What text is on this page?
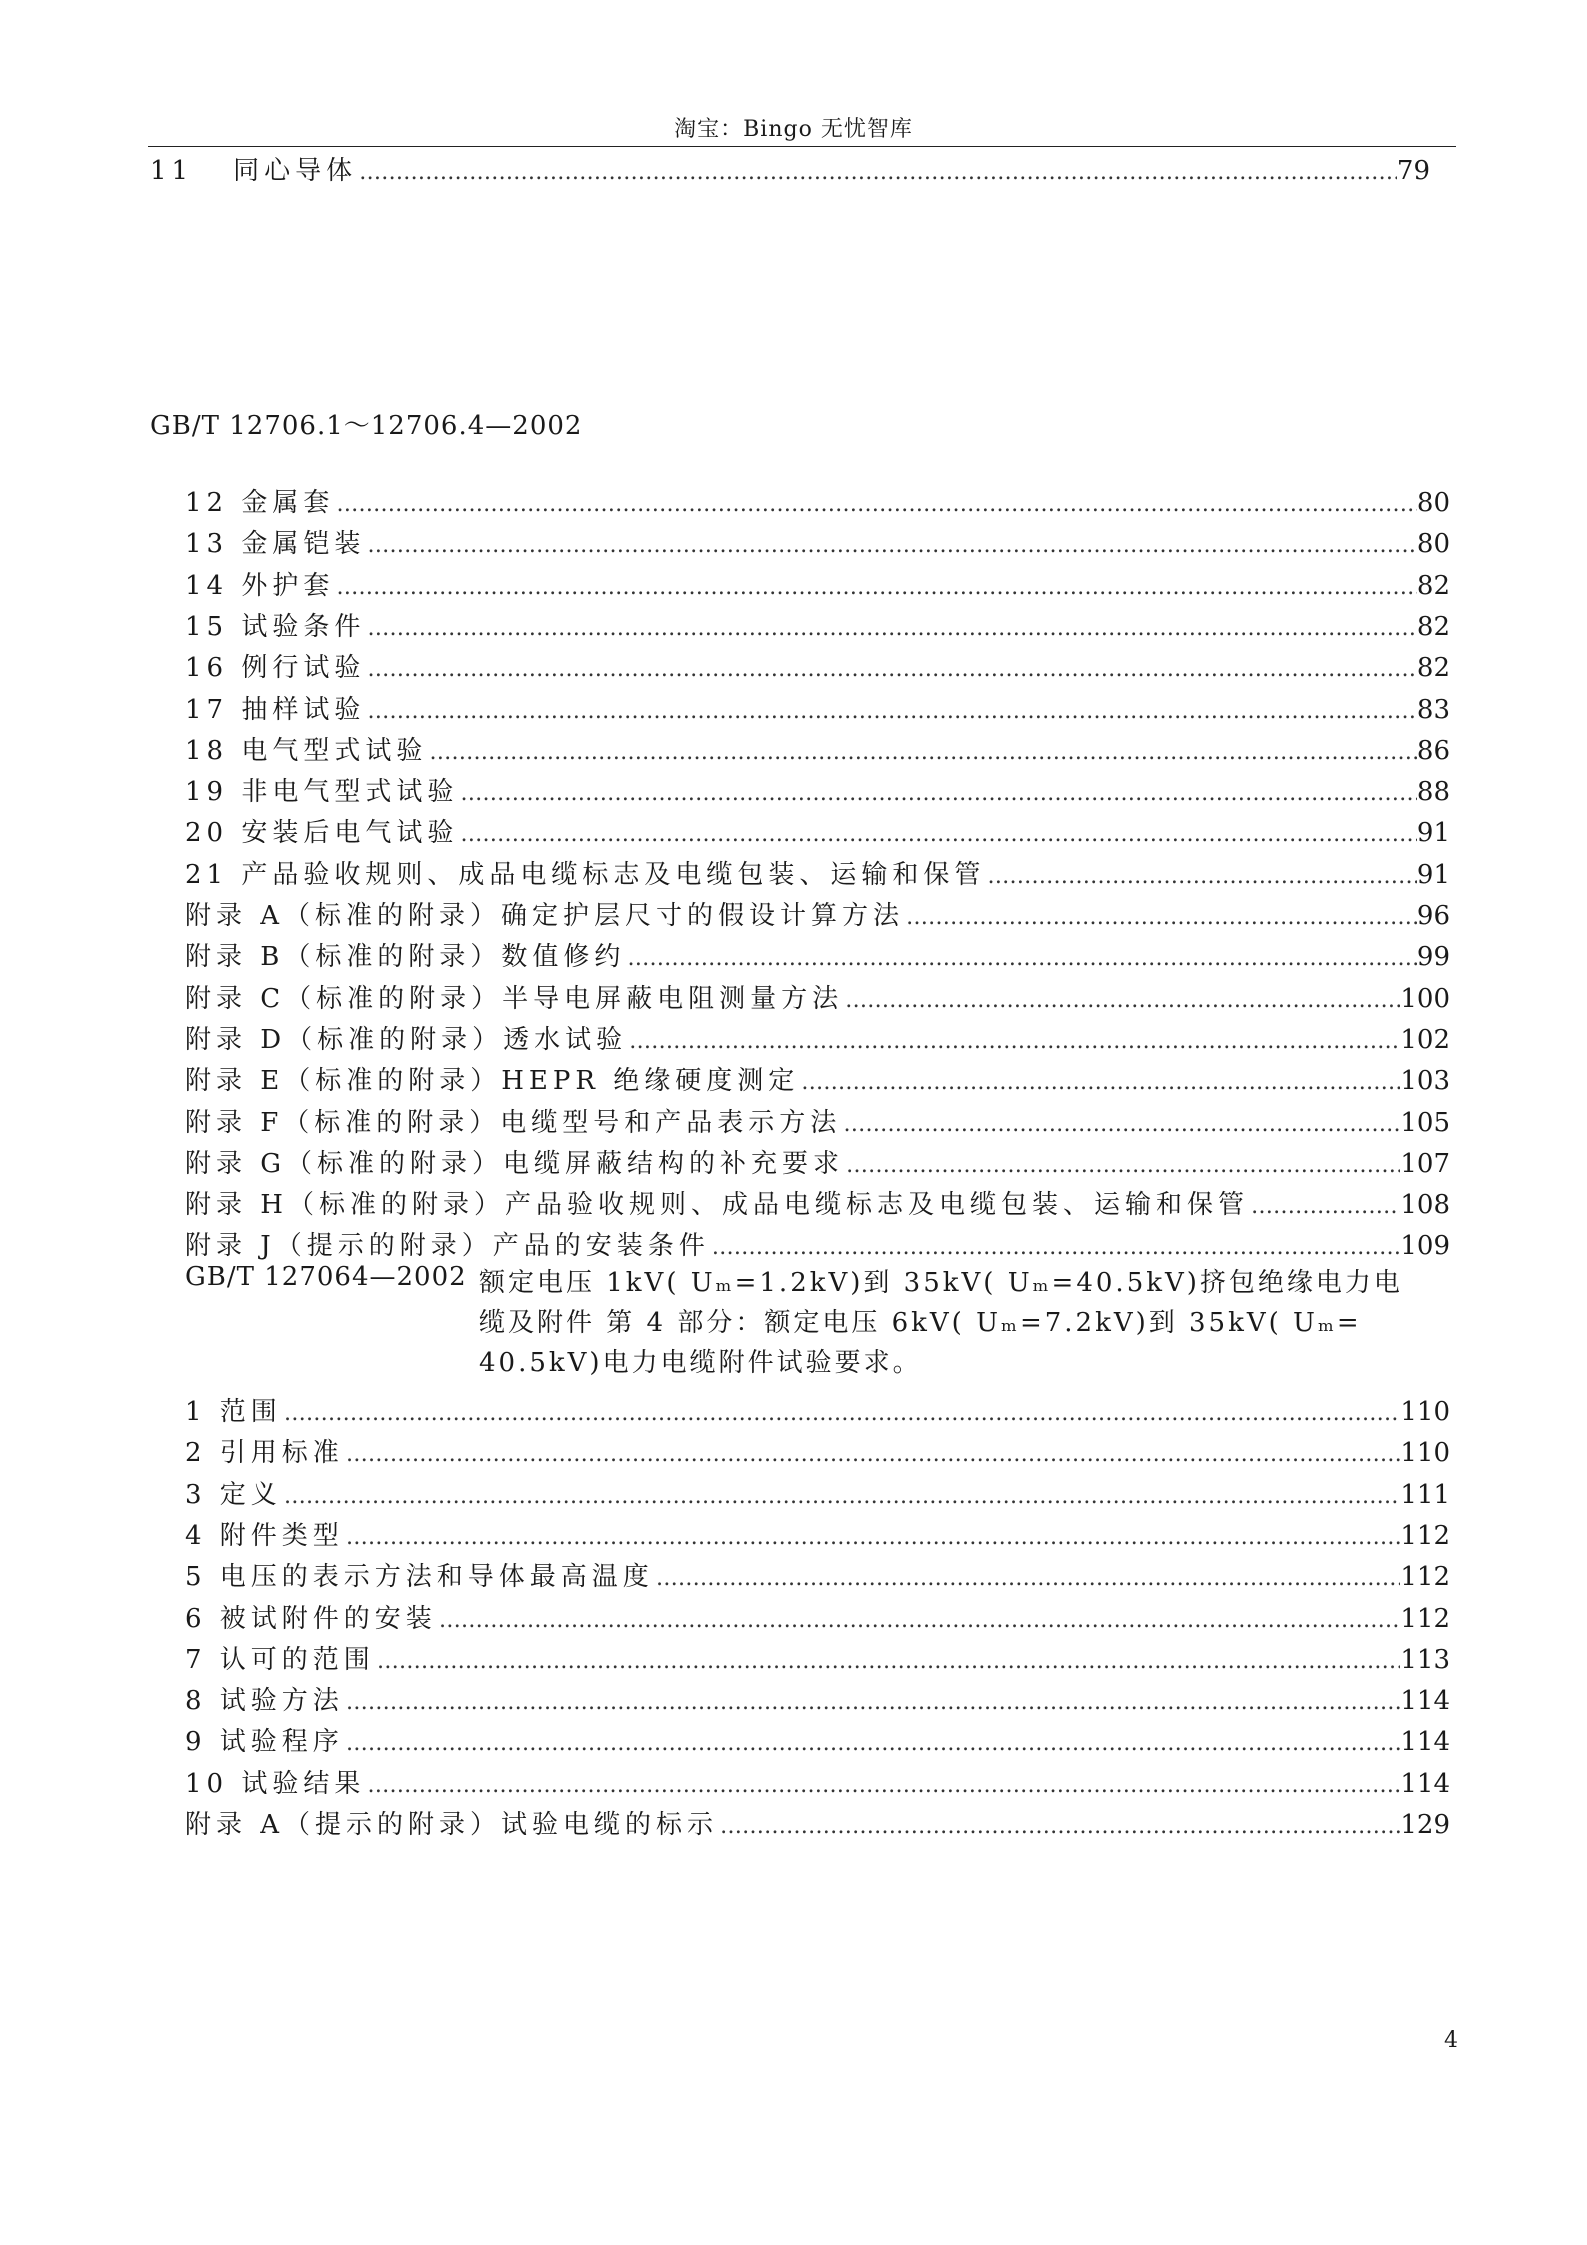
淘宝：Bingo 无忧智库
11	同心导体 …………………………………………………………………………………………………………………………………………………………………………………………………………………………………………………	79
GB/T 12706.1～12706.4—2002
12 金属套 …………………………………………………………………………………………………………………………………………………………………………………………………………………………………………………	80
13 金属铠装 …………………………………………………………………………………………………………………………………………………………………………………………………………………………………………………	80
14 外护套 …………………………………………………………………………………………………………………………………………………………………………………………………………………………………………………	82
15 试验条件 …………………………………………………………………………………………………………………………………………………………………………………………………………………………………………………	82
16 例行试验 …………………………………………………………………………………………………………………………………………………………………………………………………………………………………………………	82
17 抽样试验 …………………………………………………………………………………………………………………………………………………………………………………………………………………………………………………	83
18 电气型式试验 …………………………………………………………………………………………………………………………………………………………………………………………………………………………………………………	86
19 非电气型式试验 …………………………………………………………………………………………………………………………………………………………………………………………………………………………………………………	88
20 安装后电气试验 …………………………………………………………………………………………………………………………………………………………………………………………………………………………………………………	91
21 产品验收规则、成品电缆标志及电缆包装、运输和保管 …………………………………………………………………………………………………………………………………………………………………………………………………………………………………………………	91
附录 A（标准的附录）确定护层尺寸的假设计算方法 …………………………………………………………………………………………………………………………………………………………………………………………………………………………………………………	96
附录 B（标准的附录）数值修约 …………………………………………………………………………………………………………………………………………………………………………………………………………………………………………………	99
附录 C（标准的附录）半导电屏蔽电阻测量方法 …………………………………………………………………………………………………………………………………………………………………………………………………………………………………………………	100
附录 D（标准的附录）透水试验 …………………………………………………………………………………………………………………………………………………………………………………………………………………………………………………	102
附录 E（标准的附录）HEPR 绝缘硬度测定 …………………………………………………………………………………………………………………………………………………………………………………………………………………………………………………	103
附录 F（标准的附录）电缆型号和产品表示方法 …………………………………………………………………………………………………………………………………………………………………………………………………………………………………………………	105
附录 G（标准的附录）电缆屏蔽结构的补充要求 …………………………………………………………………………………………………………………………………………………………………………………………………………………………………………………	107
附录 H（标准的附录）产品验收规则、成品电缆标志及电缆包装、运输和保管 …………………………………………………………………………………………………………………………………………………………………………………………………………………………………………………	108
附录 J（提示的附录）产品的安装条件 …………………………………………………………………………………………………………………………………………………………………………………………………………………………………………………	109
GB/T 127064—2002 额定电压 1kV( Uₘ=1.2kV)到 35kV( Uₘ=40.5kV)挤包绝缘电力电
缆及附件 第 4 部分：额定电压 6kV( Uₘ=7.2kV)到 35kV( Uₘ=
40.5kV)电力电缆附件试验要求。
1 范围 …………………………………………………………………………………………………………………………………………………………………………………………………………………………………………………	110
2 引用标准 …………………………………………………………………………………………………………………………………………………………………………………………………………………………………………………	110
3 定义 …………………………………………………………………………………………………………………………………………………………………………………………………………………………………………………	111
4 附件类型 …………………………………………………………………………………………………………………………………………………………………………………………………………………………………………………	112
5 电压的表示方法和导体最高温度 …………………………………………………………………………………………………………………………………………………………………………………………………………………………………………………	112
6 被试附件的安装 …………………………………………………………………………………………………………………………………………………………………………………………………………………………………………………	112
7 认可的范围 …………………………………………………………………………………………………………………………………………………………………………………………………………………………………………………	113
8 试验方法 …………………………………………………………………………………………………………………………………………………………………………………………………………………………………………………	114
9 试验程序 …………………………………………………………………………………………………………………………………………………………………………………………………………………………………………………	114
10 试验结果 …………………………………………………………………………………………………………………………………………………………………………………………………………………………………………………	114
附录 A（提示的附录）试验电缆的标示 …………………………………………………………………………………………………………………………………………………………………………………………………………………………………………………	129
4
